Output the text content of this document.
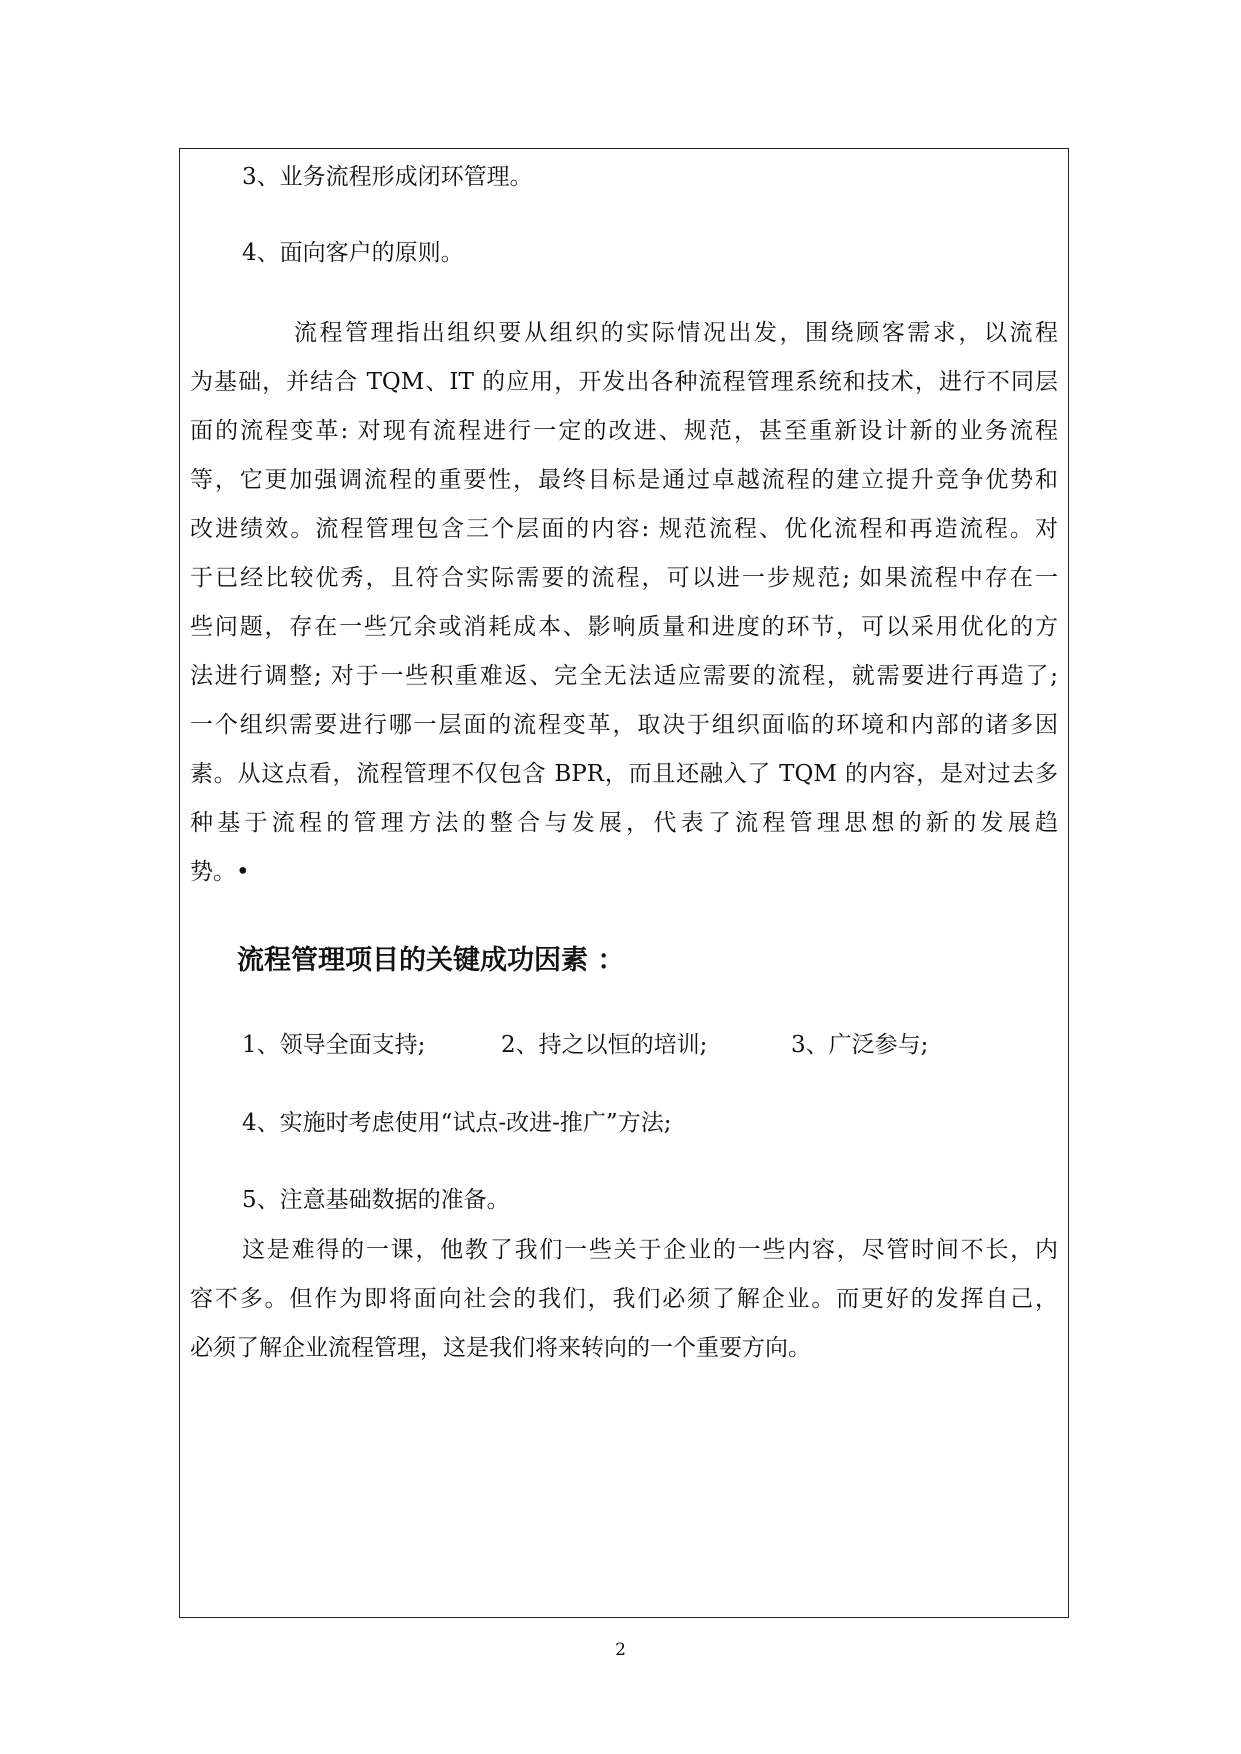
3、业务流程形成闭环管理。
4、面向客户的原则。
流程管理指出组织要从组织的实际情况出发，围绕顾客需求，以流程
为基础，并结合 TQM、IT 的应用，开发出各种流程管理系统和技术，进行不同层
面的流程变革: 对现有流程进行一定的改进、规范，甚至重新设计新的业务流程
等，它更加强调流程的重要性，最终目标是通过卓越流程的建立提升竞争优势和
改进绩效。流程管理包含三个层面的内容: 规范流程、优化流程和再造流程。对
于已经比较优秀，且符合实际需要的流程，可以进一步规范; 如果流程中存在一
些问题，存在一些冗余或消耗成本、影响质量和进度的环节，可以采用优化的方
法进行调整; 对于一些积重难返、完全无法适应需要的流程，就需要进行再造了;
一个组织需要进行哪一层面的流程变革，取决于组织面临的环境和内部的诸多因
素。从这点看，流程管理不仅包含 BPR，而且还融入了 TQM 的内容，是对过去多
种基于流程的管理方法的整合与发展，代表了流程管理思想的新的发展趋
势。•
流程管理项目的关键成功因素 ：
1、领导全面支持;	2、持之以恒的培训;	3、广泛参与;
4、实施时考虑使用“试点-改进-推广”方法;
5、注意基础数据的准备。
这是难得的一课，他教了我们一些关于企业的一些内容，尽管时间不长，内
容不多。但作为即将面向社会的我们，我们必须了解企业。而更好的发挥自己，
必须了解企业流程管理，这是我们将来转向的一个重要方向。
2
